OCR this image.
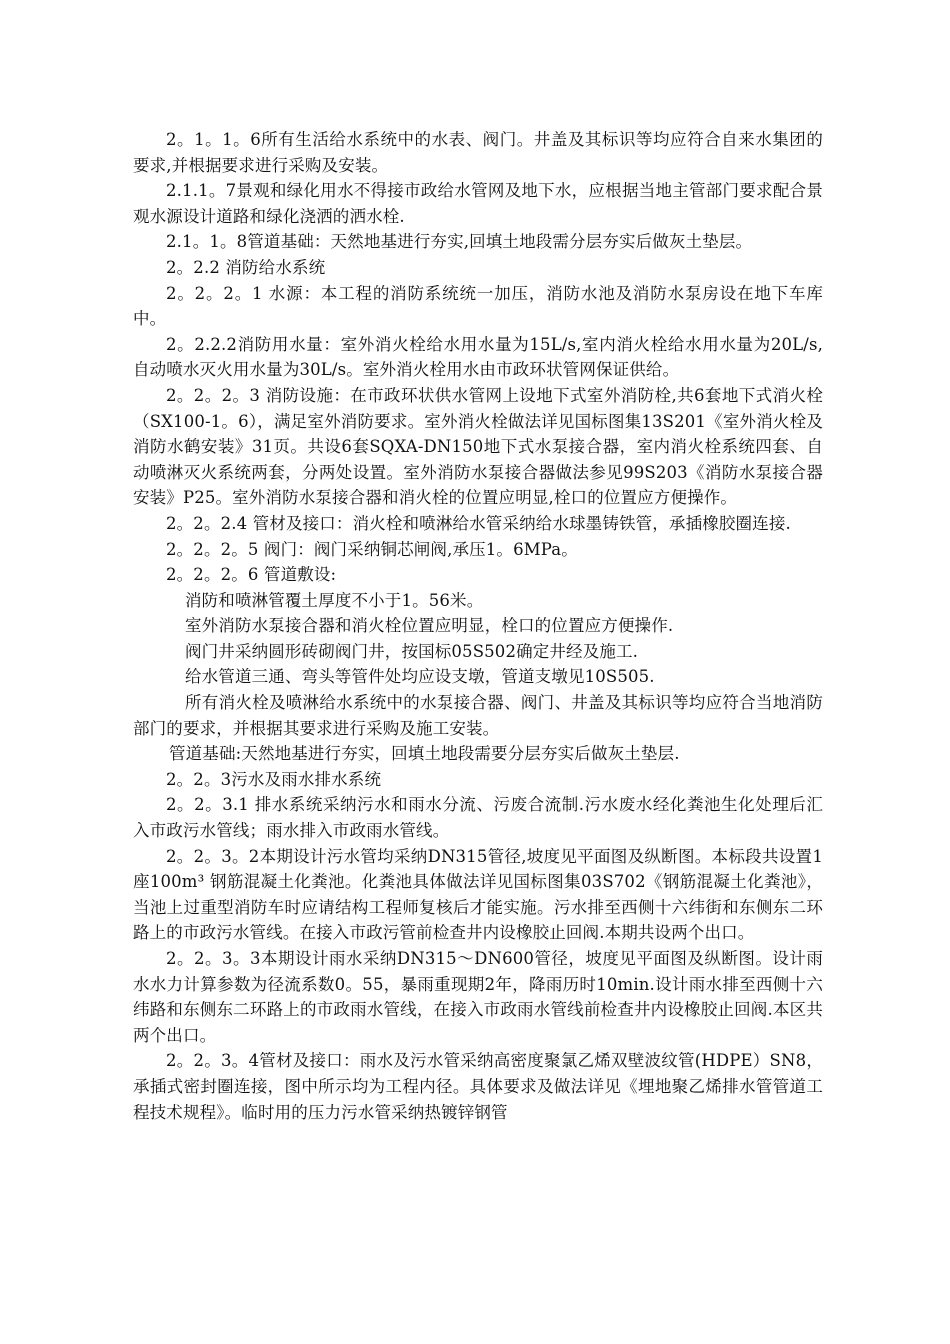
2。1。1。6所有生活给水系统中的水表、阀门。井盖及其标识等均应符合自来水集团的要求,并根据要求进行采购及安装。

2.1.1。7景观和绿化用水不得接市政给水管网及地下水，应根据当地主管部门要求配合景观水源设计道路和绿化浇洒的洒水栓.

2.1。1。8管道基础：天然地基进行夯实,回填土地段需分层夯实后做灰土垫层。

2。2.2 消防给水系统

2。2。2。1 水源：本工程的消防系统统一加压，消防水池及消防水泵房设在地下车库中。

2。2.2.2消防用水量：室外消火栓给水用水量为15L/s,室内消火栓给水用水量为20L/s,自动喷水灭火用水量为30L/s。室外消火栓用水由市政环状管网保证供给。

2。2。2。3 消防设施：在市政环状供水管网上设地下式室外消防栓,共6套地下式消火栓（SX100-1。6），满足室外消防要求。室外消火栓做法详见国标图集13S201《室外消火栓及消防水鹤安装》31页。共设6套SQXA-DN150地下式水泵接合器，室内消火栓系统四套、自动喷淋灭火系统两套，分两处设置。室外消防水泵接合器做法参见99S203《消防水泵接合器安装》P25。室外消防水泵接合器和消火栓的位置应明显,栓口的位置应方便操作。

2。2。2.4 管材及接口：消火栓和喷淋给水管采纳给水球墨铸铁管，承插橡胶圈连接.

2。2。2。5 阀门：阀门采纳铜芯闸阀,承压1。6MPa。

2。2。2。6 管道敷设:

消防和喷淋管覆土厚度不小于1。56米。

室外消防水泵接合器和消火栓位置应明显，栓口的位置应方便操作.

阀门井采纳圆形砖砌阀门井，按国标05S502确定井经及施工.

给水管道三通、弯头等管件处均应设支墩，管道支墩见10S505.

所有消火栓及喷淋给水系统中的水泵接合器、阀门、井盖及其标识等均应符合当地消防部门的要求，并根据其要求进行采购及施工安装。

管道基础:天然地基进行夯实，回填土地段需要分层夯实后做灰土垫层.

2。2。3污水及雨水排水系统

2。2。3.1 排水系统采纳污水和雨水分流、污废合流制.污水废水经化粪池生化处理后汇入市政污水管线；雨水排入市政雨水管线。

2。2。3。2本期设计污水管均采纳DN315管径,坡度见平面图及纵断图。本标段共设置1座100m³ 钢筋混凝土化粪池。化粪池具体做法详见国标图集03S702《钢筋混凝土化粪池》，当池上过重型消防车时应请结构工程师复核后才能实施。污水排至西侧十六纬街和东侧东二环路上的市政污水管线。在接入市政污管前检查井内设橡胶止回阀.本期共设两个出口。

2。2。3。3本期设计雨水采纳DN315～DN600管径，坡度见平面图及纵断图。设计雨水水力计算参数为径流系数0。55，暴雨重现期2年，降雨历时10min.设计雨水排至西侧十六纬路和东侧东二环路上的市政雨水管线，在接入市政雨水管线前检查井内设橡胶止回阀.本区共两个出口。

2。2。3。4管材及接口：雨水及污水管采纳高密度聚氯乙烯双壁波纹管(HDPE）SN8，承插式密封圈连接，图中所示均为工程内径。具体要求及做法详见《埋地聚乙烯排水管管道工程技术规程》。临时用的压力污水管采纳热镀锌钢管
